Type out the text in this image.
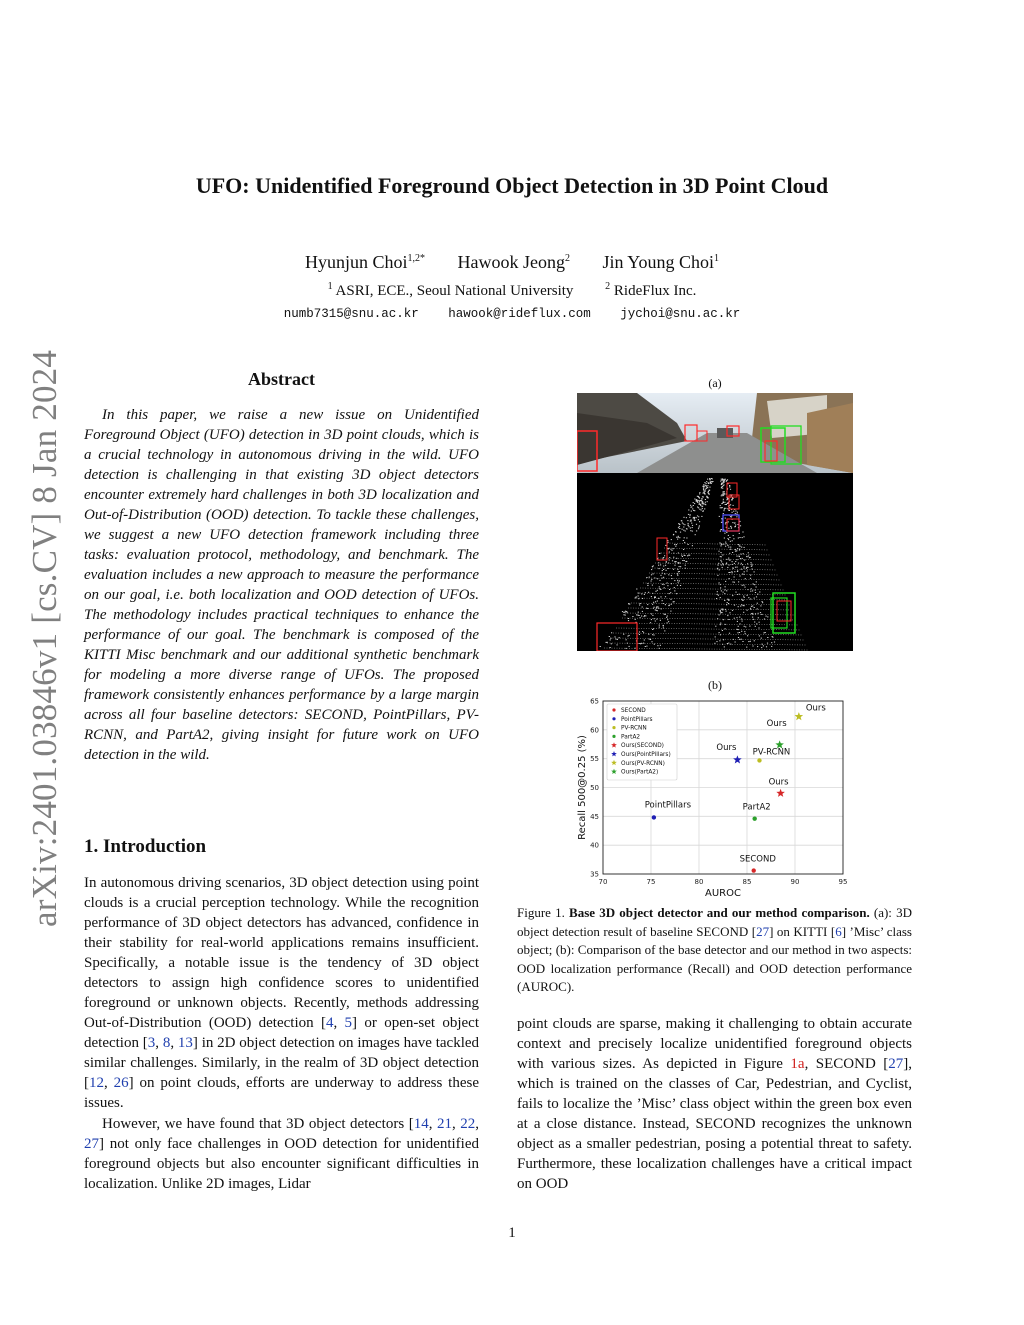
UFO: Unidentified Foreground Object Detection in 3D Point Cloud
Hyunjun Choi$^{1,2*}$ Hawook Jeong$^2$ Jin Young Choi$^1$
$^1$ ASRI, ECE., Seoul National University	$^2$ RideFlux Inc.
numb7315@snu.ac.kr hawook@rideflux.com jychoi@snu.ac.kr
arXiv:2401.03846v1 [cs.CV] 8 Jan 2024	Abstract
In this paper, we raise a new issue on Unidentified Foreground Object (UFO) detection in 3D point clouds, which is a crucial technology in autonomous driving in the wild. UFO detection is challenging in that existing 3D object detectors encounter extremely hard challenges in both 3D localization and Out-of-Distribution (OOD) detection. To tackle these challenges, we suggest a new UFO detection framework including three tasks: evaluation protocol, methodology, and benchmark. The evaluation includes a new approach to measure the performance on our goal, i.e. both localization and OOD detection of UFOs. The methodology includes practical techniques to enhance the performance of our goal. The benchmark is composed of the KITTI Misc benchmark and our additional synthetic benchmark for modeling a more diverse range of UFOs. The proposed framework consistently enhances performance by a large margin across all four baseline detectors: SECOND, PointPillars, PV-RCNN, and PartA2, giving insight for future work on UFO detection in the wild.
1. Introduction
In autonomous driving scenarios, 3D object detection using point clouds is a crucial perception technology. While the recognition performance of 3D object detectors has advanced, confidence in their stability for real-world applications remains insufficient. Specifically, a notable issue is the tendency of 3D object detectors to assign high confidence scores to unidentified foreground or unknown objects. Recently, methods addressing Out-of-Distribution (OOD) detection [4, 5] or open-set object detection [3, 8, 13] in 2D object detection on images have tackled similar challenges. Similarly, in the realm of 3D object detection [12, 26] on point clouds, efforts are underway to address these issues.
However, we have found that 3D object detectors [14, 21, 22, 27] not only face challenges in OOD detection for unidentified foreground objects but also encounter significant difficulties in localization. Unlike 2D images, Lidar
point clouds are sparse, making it challenging to obtain accurate context and precisely localize unidentified foreground objects with various sizes. As depicted in Figure 1a, SECOND [27], which is trained on the classes of Car, Pedestrian, and Cyclist, fails to localize the ’Misc’ class object within the green box even at a close distance. Instead, SECOND recognizes the unknown object as a smaller pedestrian, posing a potential threat to safety. Furthermore, these localization challenges have a critical impact on OOD
(a)
(b)
70	75	80	85	90	95
35
40
45
50
55
60
65
AUROC
Recall 500@0.25 (%)
SECOND
PointPillars
PV-RCNN
PartA2
Ours
Ours
Ours
Ours
SECOND
PointPillars
PV-RCNN
PartA2
Ours(SECOND)
Ours(PointPillars)
Ours(PV-RCNN)
Ours(PartA2)
Figure 1. Base 3D object detector and our method comparison. (a): 3D object detection result of baseline SECOND [27] on KITTI [6] ’Misc’ class object; (b): Comparison of the base detector and our method in two aspects: OOD localization performance (Recall) and OOD detection performance (AUROC).
1
